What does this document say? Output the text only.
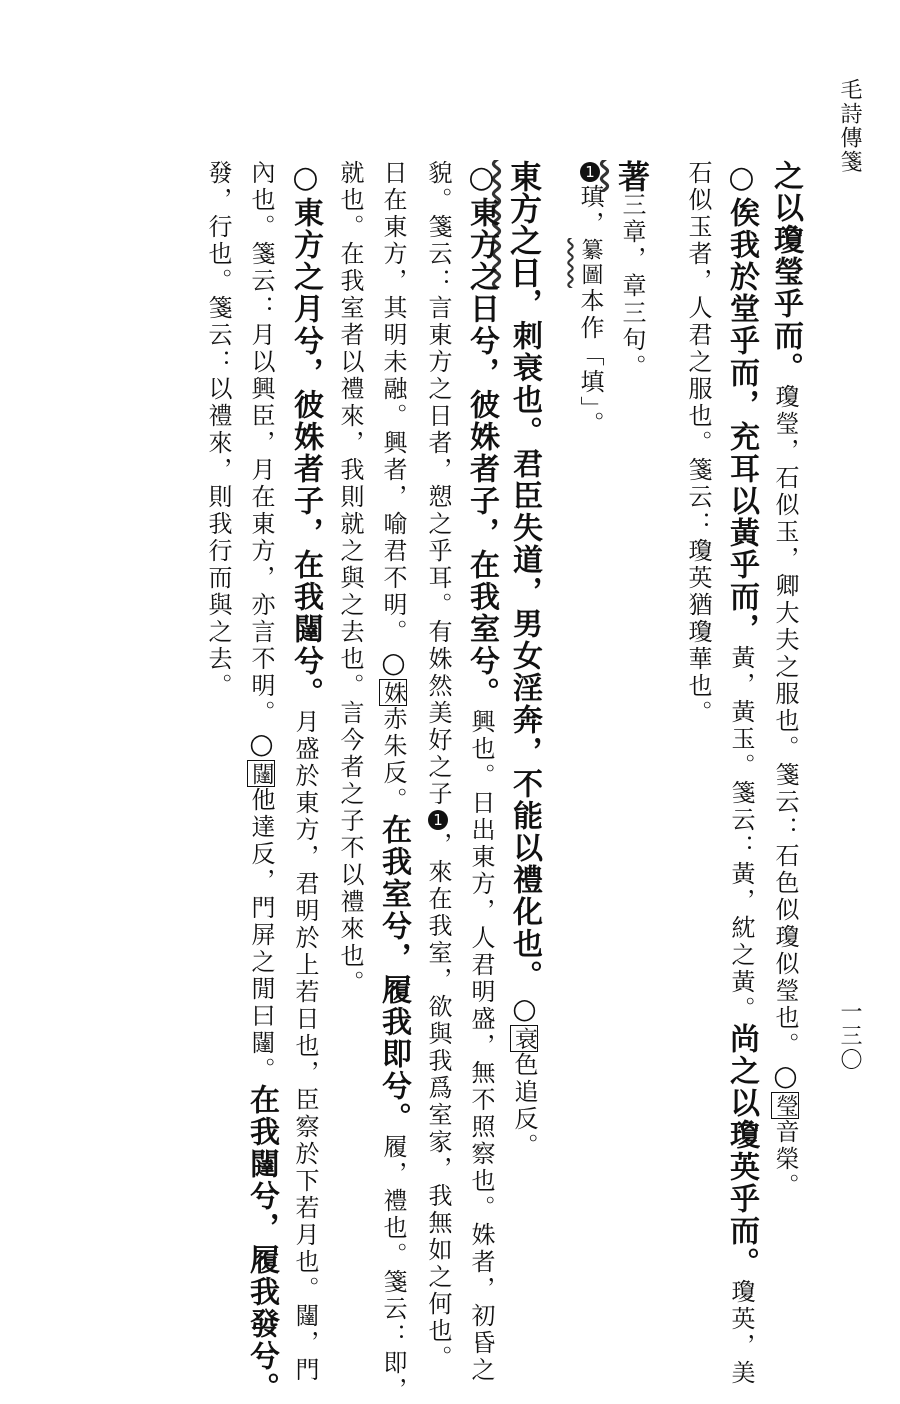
毛詩傳箋
一三〇
之以瓊瑩乎而。瓊瑩，石似玉，卿大夫之服也。箋云：石色似瓊似瑩也。○瑩音榮。
○俟我於堂乎而，充耳以黃乎而，黃，黃玉。箋云：黃，紞之黃。尚之以瓊英乎而。瓊英，美
石似玉者，人君之服也。箋云：瓊英猶瓊華也。
著三章，章三句。
1瑱，纂圖本作「填」。
東方之日，刺衰也。君臣失道，男女淫奔，不能以禮化也。○衰色追反。
○東方之日兮，彼姝者子，在我室兮。興也。日出東方，人君明盛，無不照察也。姝者，初昏之
貌。箋云：言東方之日者，愬之乎耳。有姝然美好之子1，來在我室，欲與我爲室家，我無如之何也。
日在東方，其明未融。興者，喻君不明。○姝赤朱反。在我室兮，履我即兮。履，禮也。箋云：即，
就也。在我室者以禮來，我則就之與之去也。言今者之子不以禮來也。
○東方之月兮，彼姝者子，在我闥兮。月盛於東方，君明於上若日也，臣察於下若月也。闥，門
內也。箋云：月以興臣，月在東方，亦言不明。○闥他達反，門屏之閒曰闥。在我闥兮，履我發兮。
發，行也。箋云：以禮來，則我行而與之去。
